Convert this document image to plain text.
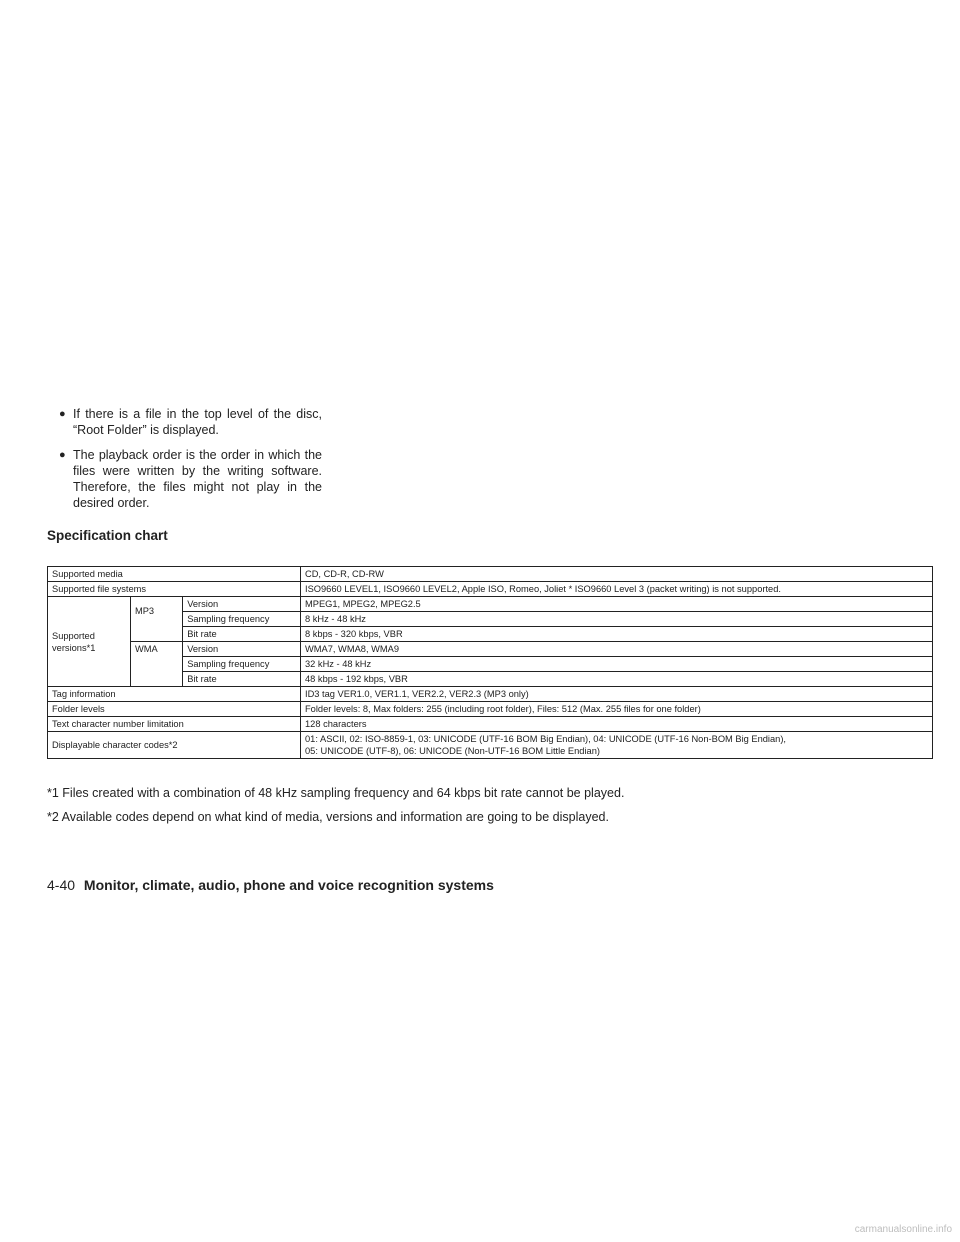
● If there is a file in the top level of the disc, “Root Folder” is displayed.
● The playback order is the order in which the files were written by the writing software. Therefore, the files might not play in the desired order.
Specification chart
Supported media			CD, CD-R, CD-RW
Supported file systems			ISO9660 LEVEL1, ISO9660 LEVEL2, Apple ISO, Romeo, Joliet * ISO9660 Level 3 (packet writing) is not supported.
Supported versions*1	MP3	Version	MPEG1, MPEG2, MPEG2.5
		Sampling frequency	8 kHz - 48 kHz
		Bit rate	8 kbps - 320 kbps, VBR
	WMA	Version	WMA7, WMA8, WMA9
		Sampling frequency	32 kHz - 48 kHz
		Bit rate	48 kbps - 192 kbps, VBR
Tag information			ID3 tag VER1.0, VER1.1, VER2.2, VER2.3 (MP3 only)
Folder levels			Folder levels: 8, Max folders: 255 (including root folder), Files: 512 (Max. 255 files for one folder)
Text character number limitation			128 characters
Displayable character codes*2			01: ASCII, 02: ISO-8859-1, 03: UNICODE (UTF-16 BOM Big Endian), 04: UNICODE (UTF-16 Non-BOM Big Endian),
05: UNICODE (UTF-8), 06: UNICODE (Non-UTF-16 BOM Little Endian)
*1 Files created with a combination of 48 kHz sampling frequency and 64 kbps bit rate cannot be played.
*2 Available codes depend on what kind of media, versions and information are going to be displayed.
4-40 Monitor, climate, audio, phone and voice recognition systems
carmanualsonline.info
